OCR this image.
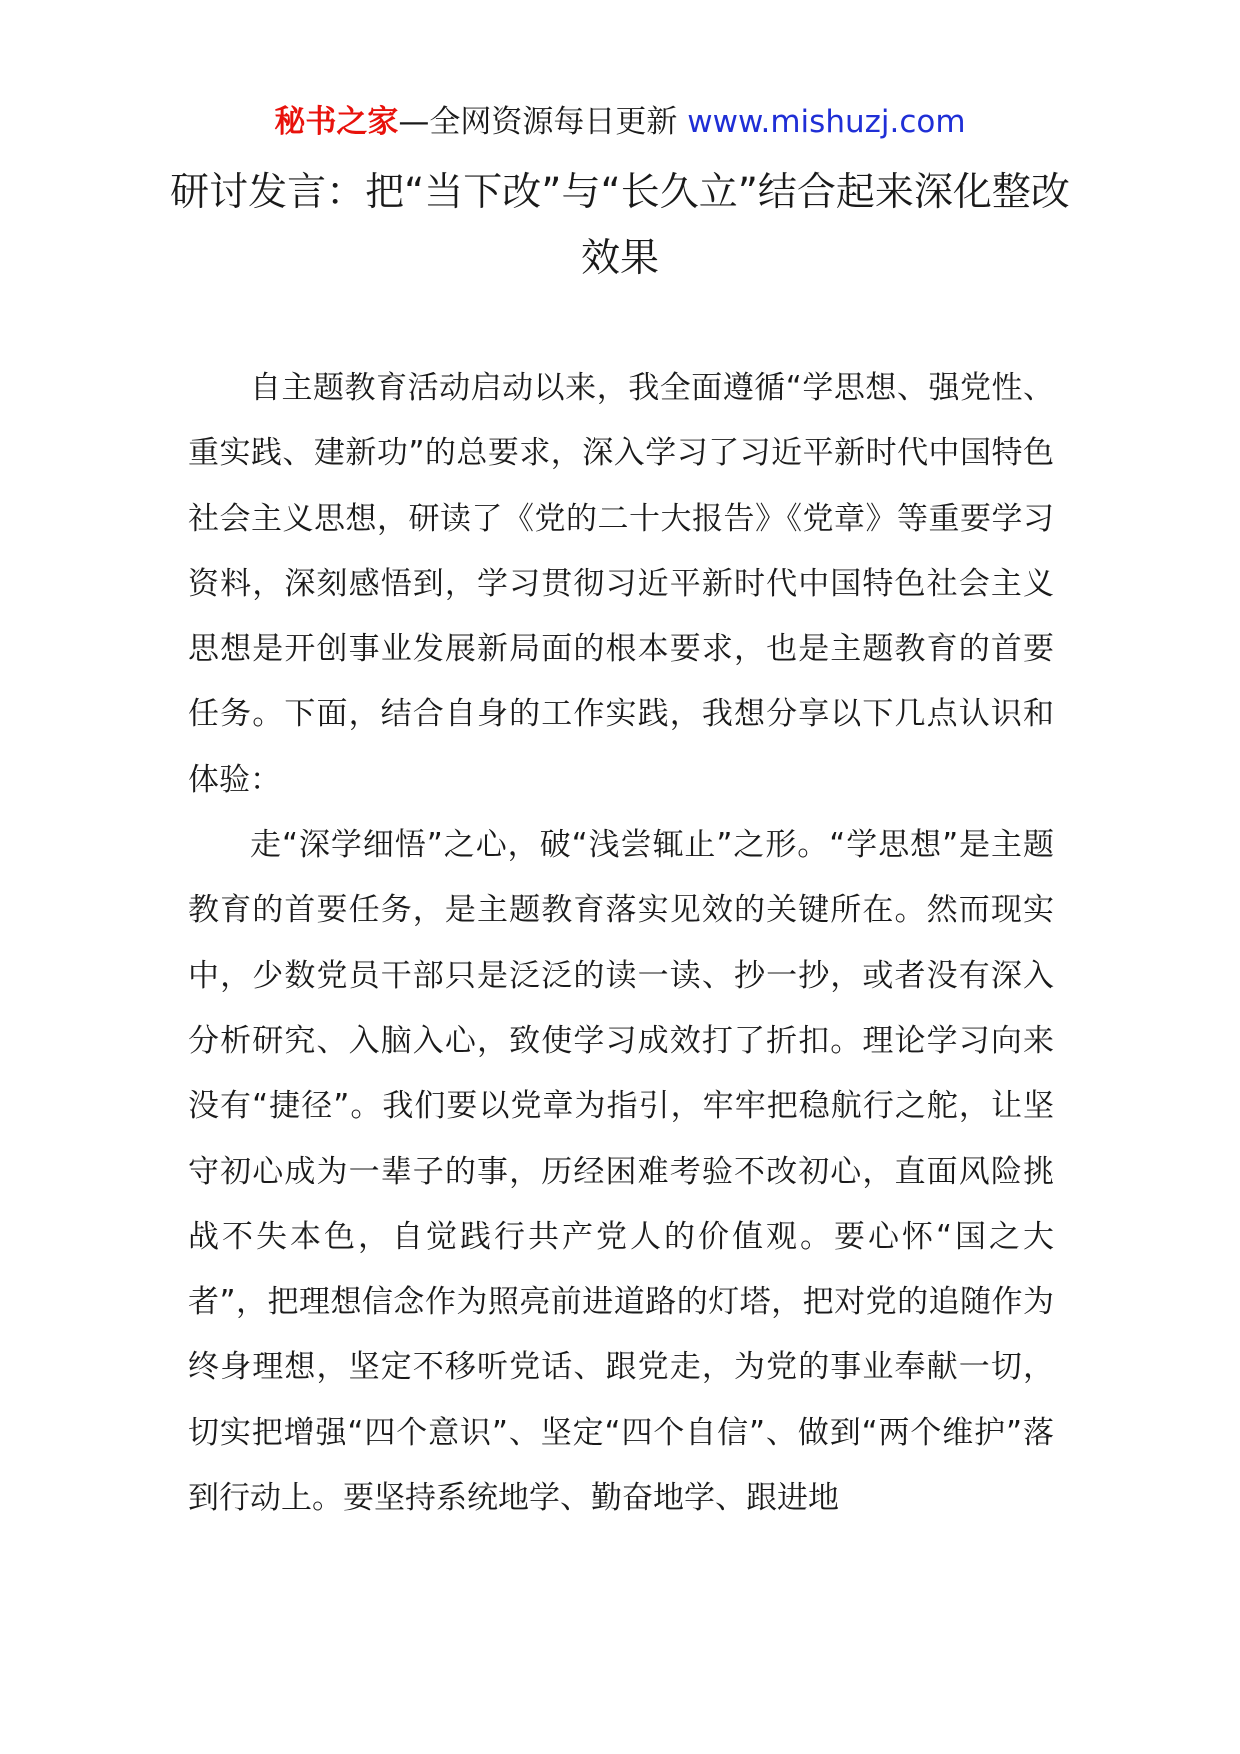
秘书之家—全网资源每日更新 www.mishuzj.com
研讨发言：把“当下改”与“长久立”结合起来深化整改效果

自主题教育活动启动以来，我全面遵循“学思想、强党性、重实践、建新功”的总要求，深入学习了习近平新时代中国特色社会主义思想，研读了《党的二十大报告》《党章》等重要学习资料，深刻感悟到，学习贯彻习近平新时代中国特色社会主义思想是开创事业发展新局面的根本要求，也是主题教育的首要任务。下面，结合自身的工作实践，我想分享以下几点认识和体验：

走“深学细悟”之心，破“浅尝辄止”之形。“学思想”是主题教育的首要任务，是主题教育落实见效的关键所在。然而现实中，少数党员干部只是泛泛的读一读、抄一抄，或者没有深入分析研究、入脑入心，致使学习成效打了折扣。理论学习向来没有“捷径”。我们要以党章为指引，牢牢把稳航行之舵，让坚守初心成为一辈子的事，历经困难考验不改初心，直面风险挑战不失本色，自觉践行共产党人的价值观。要心怀“国之大者”，把理想信念作为照亮前进道路的灯塔，把对党的追随作为终身理想，坚定不移听党话、跟党走，为党的事业奉献一切，切实把增强“四个意识”、坚定“四个自信”、做到“两个维护”落到行动上。要坚持系统地学、勤奋地学、跟进地
